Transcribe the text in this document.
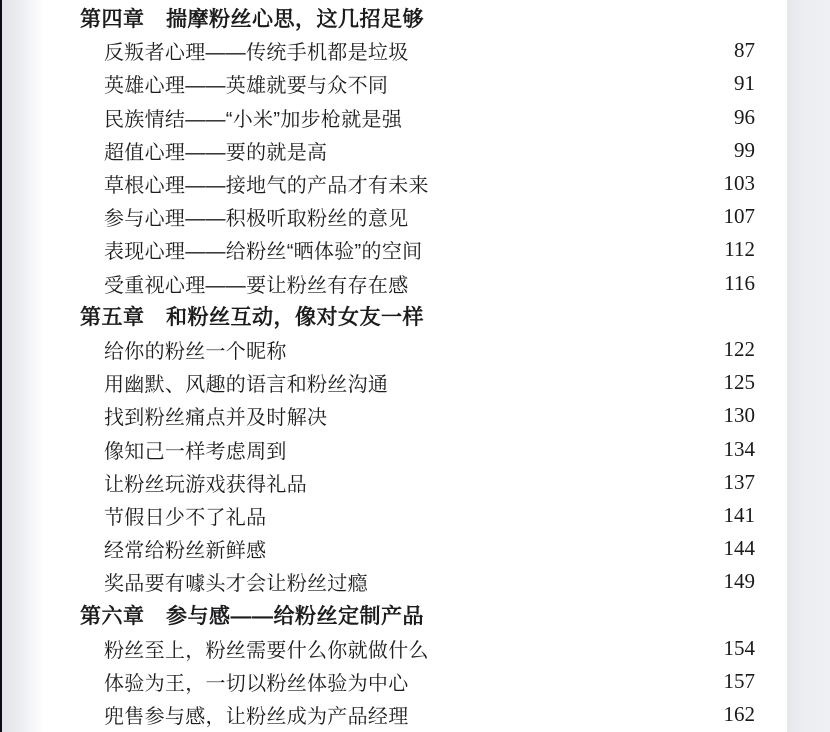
第四章　揣摩粉丝心思，这几招足够
反叛者心理——传统手机都是垃圾	87
英雄心理——英雄就要与众不同	91
民族情结——“小米”加步枪就是强	96
超值心理——要的就是高	99
草根心理——接地气的产品才有未来	103
参与心理——积极听取粉丝的意见	107
表现心理——给粉丝“晒体验”的空间	112
受重视心理——要让粉丝有存在感	116
第五章　和粉丝互动，像对女友一样
给你的粉丝一个昵称	122
用幽默、风趣的语言和粉丝沟通	125
找到粉丝痛点并及时解决	130
像知己一样考虑周到	134
让粉丝玩游戏获得礼品	137
节假日少不了礼品	141
经常给粉丝新鲜感	144
奖品要有噱头才会让粉丝过瘾	149
第六章　参与感——给粉丝定制产品
粉丝至上，粉丝需要什么你就做什么	154
体验为王，一切以粉丝体验为中心	157
兜售参与感，让粉丝成为产品经理	162
